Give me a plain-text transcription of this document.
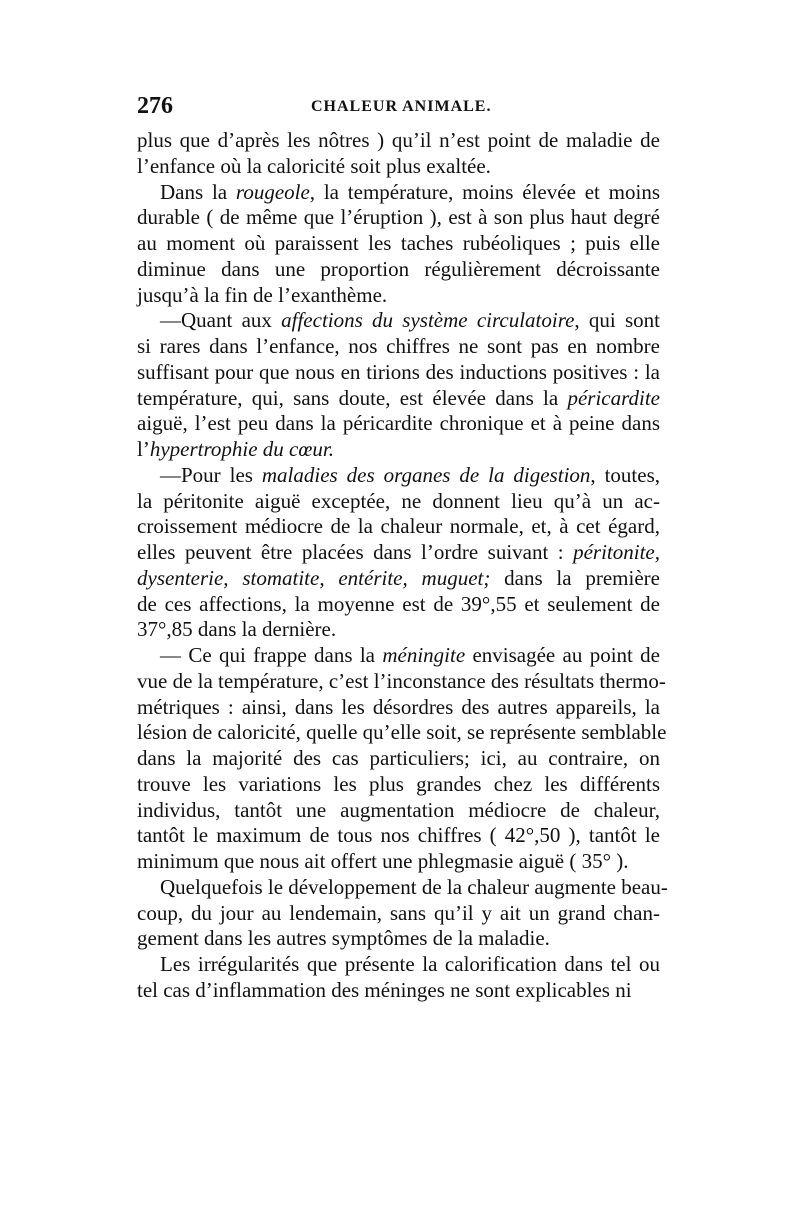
276	CHALEUR ANIMALE.
plus que d’après les nôtres ) qu’il n’est point de maladie de
l’enfance où la caloricité soit plus exaltée.
Dans la rougeole, la température, moins élevée et moins
durable ( de même que l’éruption ), est à son plus haut degré
au moment où paraissent les taches rubéoliques ; puis elle
diminue dans une proportion régulièrement décroissante
jusqu’à la fin de l’exanthème.
—Quant aux affections du système circulatoire, qui sont
si rares dans l’enfance, nos chiffres ne sont pas en nombre
suffisant pour que nous en tirions des inductions positives : la
température, qui, sans doute, est élevée dans la péricardite
aiguë, l’est peu dans la péricardite chronique et à peine dans
l’hypertrophie du cœur.
—Pour les maladies des organes de la digestion, toutes,
la péritonite aiguë exceptée, ne donnent lieu qu’à un ac-
croissement médiocre de la chaleur normale, et, à cet égard,
elles peuvent être placées dans l’ordre suivant : péritonite,
dysenterie, stomatite, entérite, muguet; dans la première
de ces affections, la moyenne est de 39°,55 et seulement de
37°,85 dans la dernière.
— Ce qui frappe dans la méningite envisagée au point de
vue de la température, c’est l’inconstance des résultats thermo-
métriques : ainsi, dans les désordres des autres appareils, la
lésion de caloricité, quelle qu’elle soit, se représente semblable
dans la majorité des cas particuliers; ici, au contraire, on
trouve les variations les plus grandes chez les différents
individus, tantôt une augmentation médiocre de chaleur,
tantôt le maximum de tous nos chiffres ( 42°,50 ), tantôt le
minimum que nous ait offert une phlegmasie aiguë ( 35° ).
Quelquefois le développement de la chaleur augmente beau-
coup, du jour au lendemain, sans qu’il y ait un grand chan-
gement dans les autres symptômes de la maladie.
Les irrégularités que présente la calorification dans tel ou
tel cas d’inflammation des méninges ne sont explicables ni
